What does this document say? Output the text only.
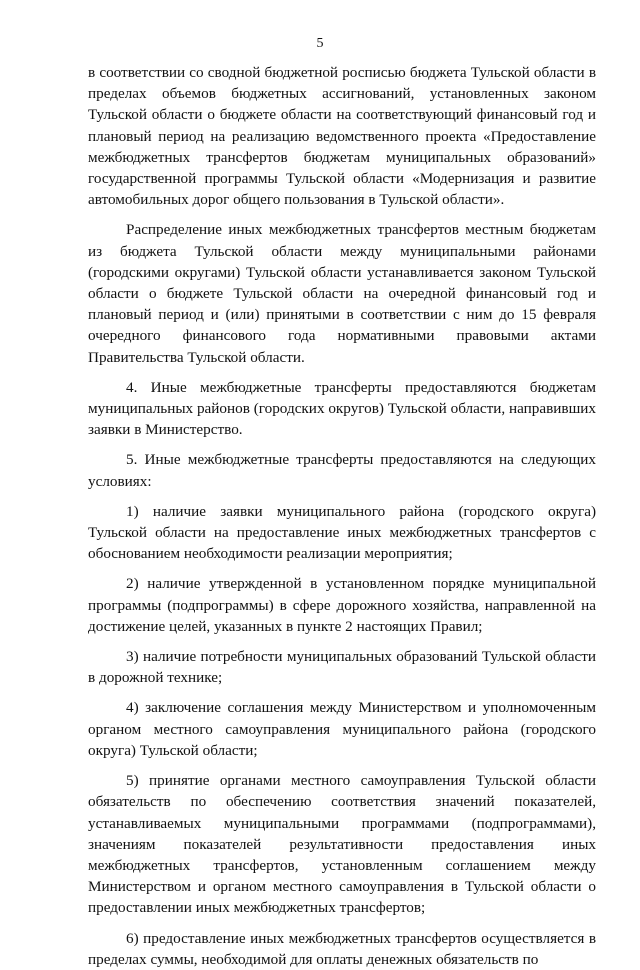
5

в соответствии со сводной бюджетной росписью бюджета Тульской области в пределах объемов бюджетных ассигнований, установленных законом Тульской области о бюджете области на соответствующий финансовый год и плановый период на реализацию ведомственного проекта «Предоставление межбюджетных трансфертов бюджетам муниципальных образований» государственной программы Тульской области «Модернизация и развитие автомобильных дорог общего пользования в Тульской области».

Распределение иных межбюджетных трансфертов местным бюджетам из бюджета Тульской области между муниципальными районами (городскими округами) Тульской области устанавливается законом Тульской области о бюджете Тульской области на очередной финансовый год и плановый период и (или) принятыми в соответствии с ним до 15 февраля очередного финансового года нормативными правовыми актами Правительства Тульской области.

4. Иные межбюджетные трансферты предоставляются бюджетам муниципальных районов (городских округов) Тульской области, направивших заявки в Министерство.

5. Иные межбюджетные трансферты предоставляются на следующих условиях:

1) наличие заявки муниципального района (городского округа) Тульской области на предоставление иных межбюджетных трансфертов с обоснованием необходимости реализации мероприятия;

2) наличие утвержденной в установленном порядке муниципальной программы (подпрограммы) в сфере дорожного хозяйства, направленной на достижение целей, указанных в пункте 2 настоящих Правил;

3) наличие потребности муниципальных образований Тульской области в дорожной технике;

4) заключение соглашения между Министерством и уполномоченным органом местного самоуправления муниципального района (городского округа) Тульской области;

5) принятие органами местного самоуправления Тульской области обязательств по обеспечению соответствия значений показателей, устанавливаемых муниципальными программами (подпрограммами), значениям показателей результативности предоставления иных межбюджетных трансфертов, установленным соглашением между Министерством и органом местного самоуправления в Тульской области о предоставлении иных межбюджетных трансфертов;

6) предоставление иных межбюджетных трансфертов осуществляется в пределах суммы, необходимой для оплаты денежных обязательств по
